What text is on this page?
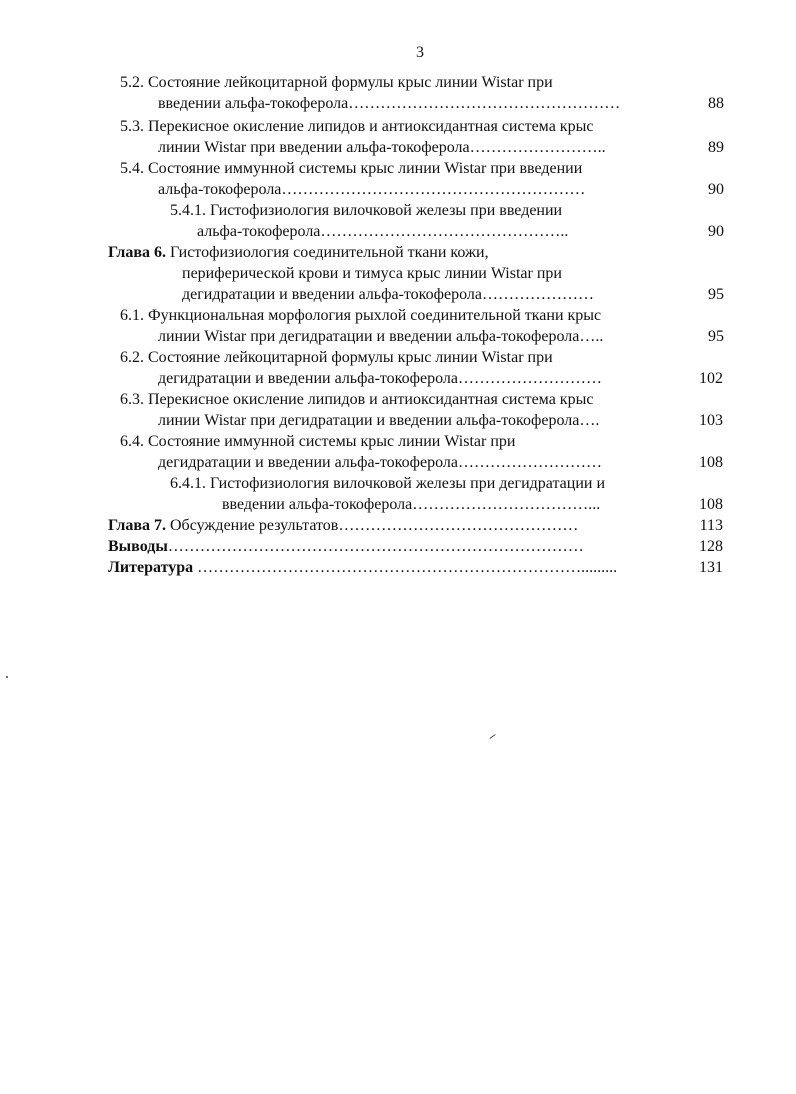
3
5.2. Состояние лейкоцитарной формулы крыс линии Wistar при
введении альфа-токоферола……………………………………………	88
5.3. Перекисное окисление липидов и антиоксидантная система крыс
линии Wistar при введении альфа-токоферола……………………..	89
5.4. Состояние иммунной системы крыс линии Wistar при введении
альфа-токоферола…………………………………………………	90
5.4.1. Гистофизиология вилочковой железы при введении
альфа-токоферола………………………………………..	90
Глава 6. Гистофизиология соединительной ткани кожи,
периферической крови и тимуса крыс линии Wistar при
дегидратации и введении альфа-токоферола…………………	95
6.1. Функциональная морфология рыхлой соединительной ткани крыс
линии Wistar при дегидратации и введении альфа-токоферола…..	95
6.2. Состояние лейкоцитарной формулы крыс линии Wistar при
дегидратации и введении альфа-токоферола………………………	102
6.3. Перекисное окисление липидов и антиоксидантная система крыс
линии Wistar при дегидратации и введении альфа-токоферола….	103
6.4. Состояние иммунной системы крыс линии Wistar при
дегидратации и введении альфа-токоферола………………………	108
6.4.1. Гистофизиология вилочковой железы при дегидратации и
введении альфа-токоферола……………………………...	108
Глава 7. Обсуждение результатов………………………………………	113
Выводы……………………………………………………………………	128
Литература ……………………………………………………………….........	131
